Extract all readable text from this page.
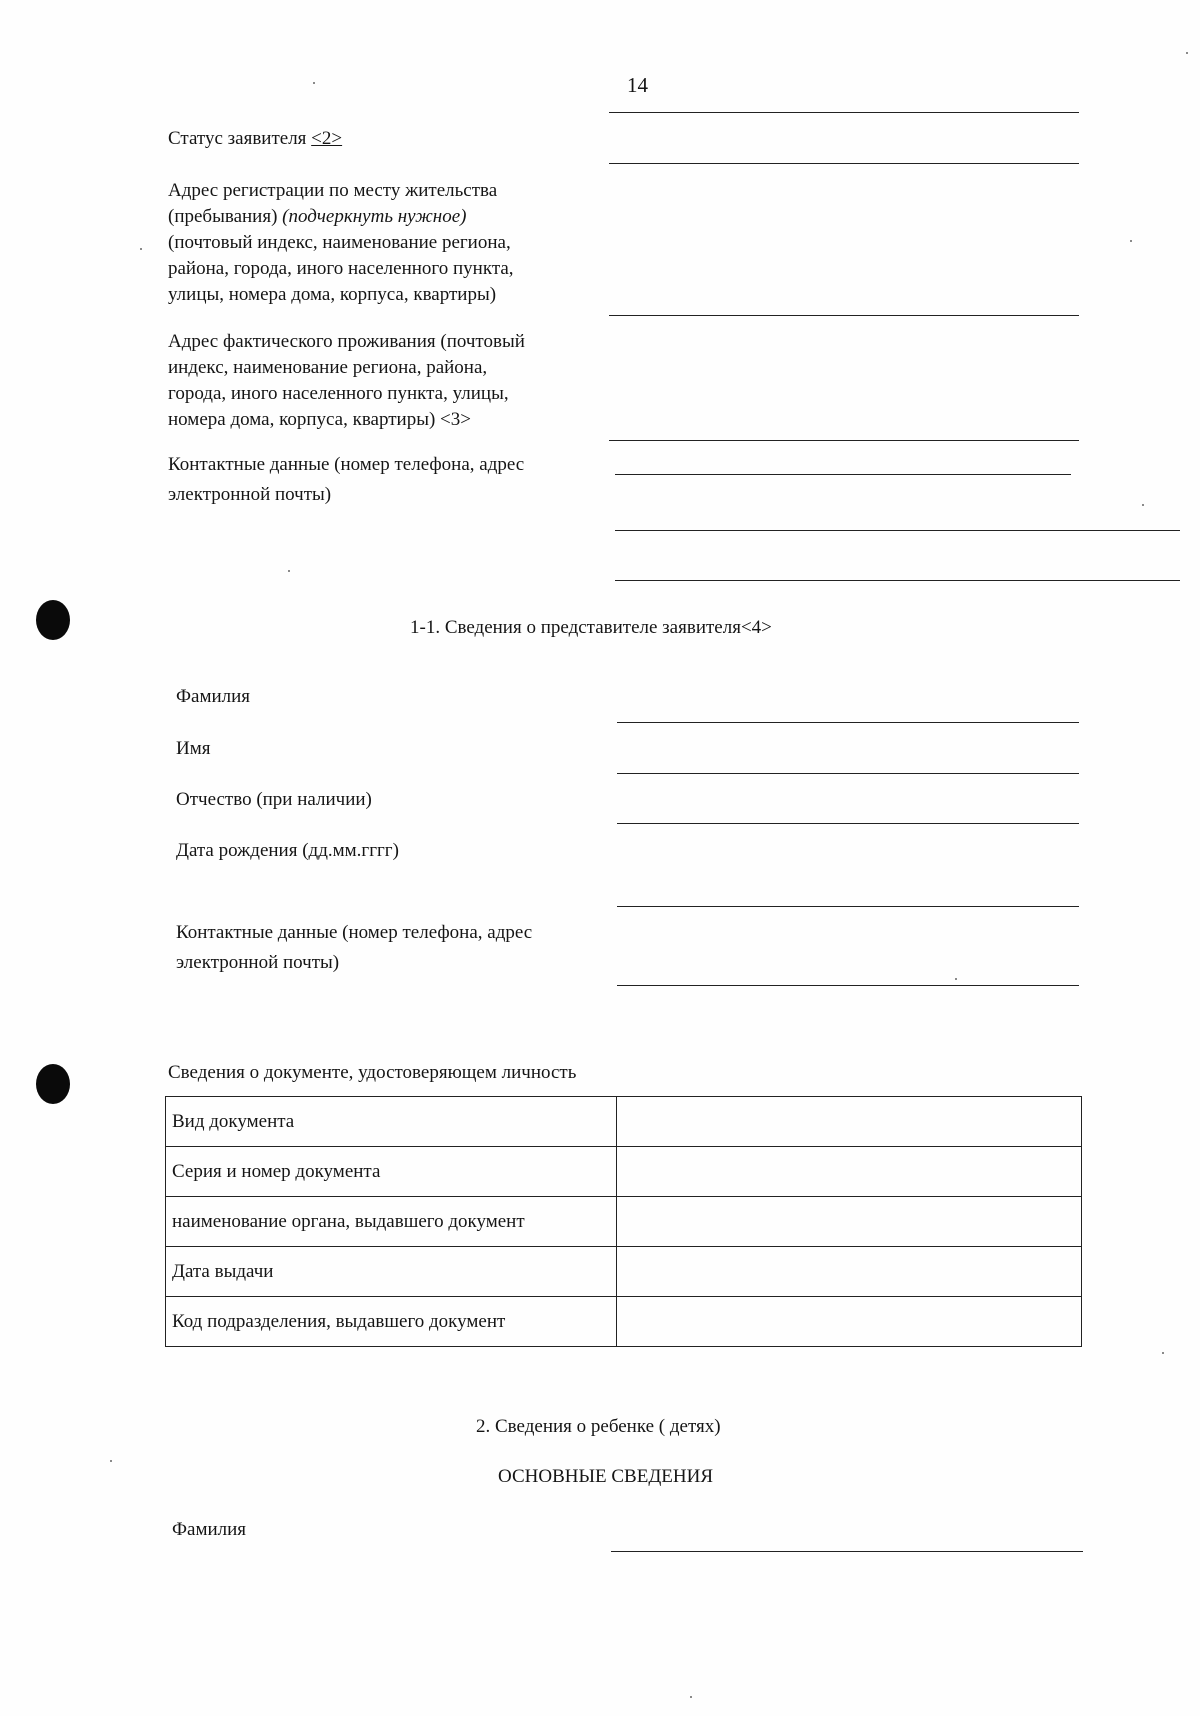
14
Статус заявителя <2>
Адрес регистрации по месту жительства
(пребывания) (подчеркнуть нужное)
(почтовый индекс, наименование региона,
района, города, иного населенного пункта,
улицы, номера дома, корпуса, квартиры)
Адрес фактического проживания (почтовый
индекс, наименование региона, района,
города, иного населенного пункта, улицы,
номера дома, корпуса, квартиры) <3>
Контактные данные (номер телефона, адрес
электронной почты)
1-1. Сведения о представителе заявителя<4>
Фамилия
Имя
Отчество (при наличии)
Дата рождения (дд.мм.гггг)
Контактные данные (номер телефона, адрес
электронной почты)
Сведения о документе, удостоверяющем личность
Вид документа	
Серия и номер документа	
наименование органа, выдавшего документ	
Дата выдачи	
Код подразделения, выдавшего документ	
2. Сведения о ребенке ( детях)
ОСНОВНЫЕ СВЕДЕНИЯ
Фамилия
